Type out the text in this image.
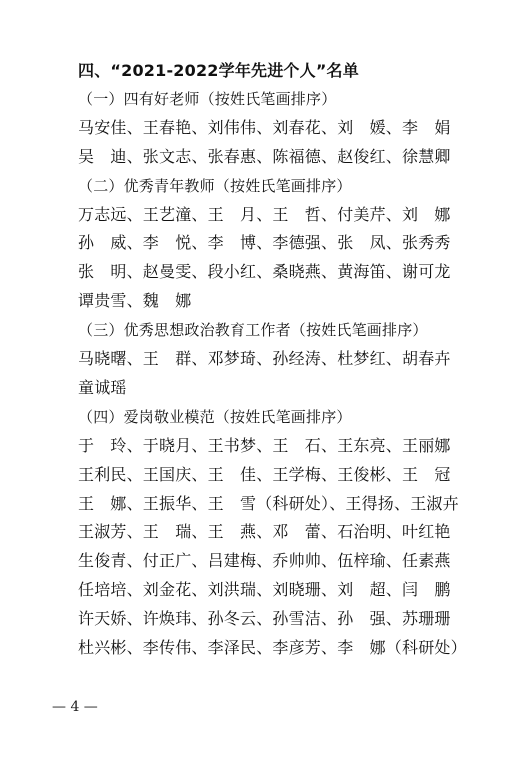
四、“2021-2022学年先进个人”名单
（一）四有好老师（按姓氏笔画排序）
马安佳、王春艳、刘伟伟、刘春花、刘　媛、李　娟
吴　迪、张文志、张春惠、陈福德、赵俊红、徐慧卿
（二）优秀青年教师（按姓氏笔画排序）
万志远、王艺潼、王　月、王　哲、付美芹、刘　娜
孙　威、李　悦、李　博、李德强、张　凤、张秀秀
张　明、赵曼雯、段小红、桑晓燕、黄海笛、谢可龙
谭贵雪、魏　娜
（三）优秀思想政治教育工作者（按姓氏笔画排序）
马晓曙、王　群、邓梦琦、孙经涛、杜梦红、胡春卉
童诚瑶
（四）爱岗敬业模范（按姓氏笔画排序）
于　玲、于晓月、王书梦、王　石、王东亮、王丽娜
王利民、王国庆、王　佳、王学梅、王俊彬、王　冠
王　娜、王振华、王　雪（科研处）、王得扬、王淑卉
王淑芳、王　瑞、王　燕、邓　蕾、石治明、叶红艳
生俊青、付正广、吕建梅、乔帅帅、伍梓瑜、任素燕
任培培、刘金花、刘洪瑞、刘晓珊、刘　超、闫　鹏
许天娇、许焕玮、孙冬云、孙雪洁、孙　强、苏珊珊
杜兴彬、李传伟、李泽民、李彦芳、李　娜（科研处）
— 4 —
